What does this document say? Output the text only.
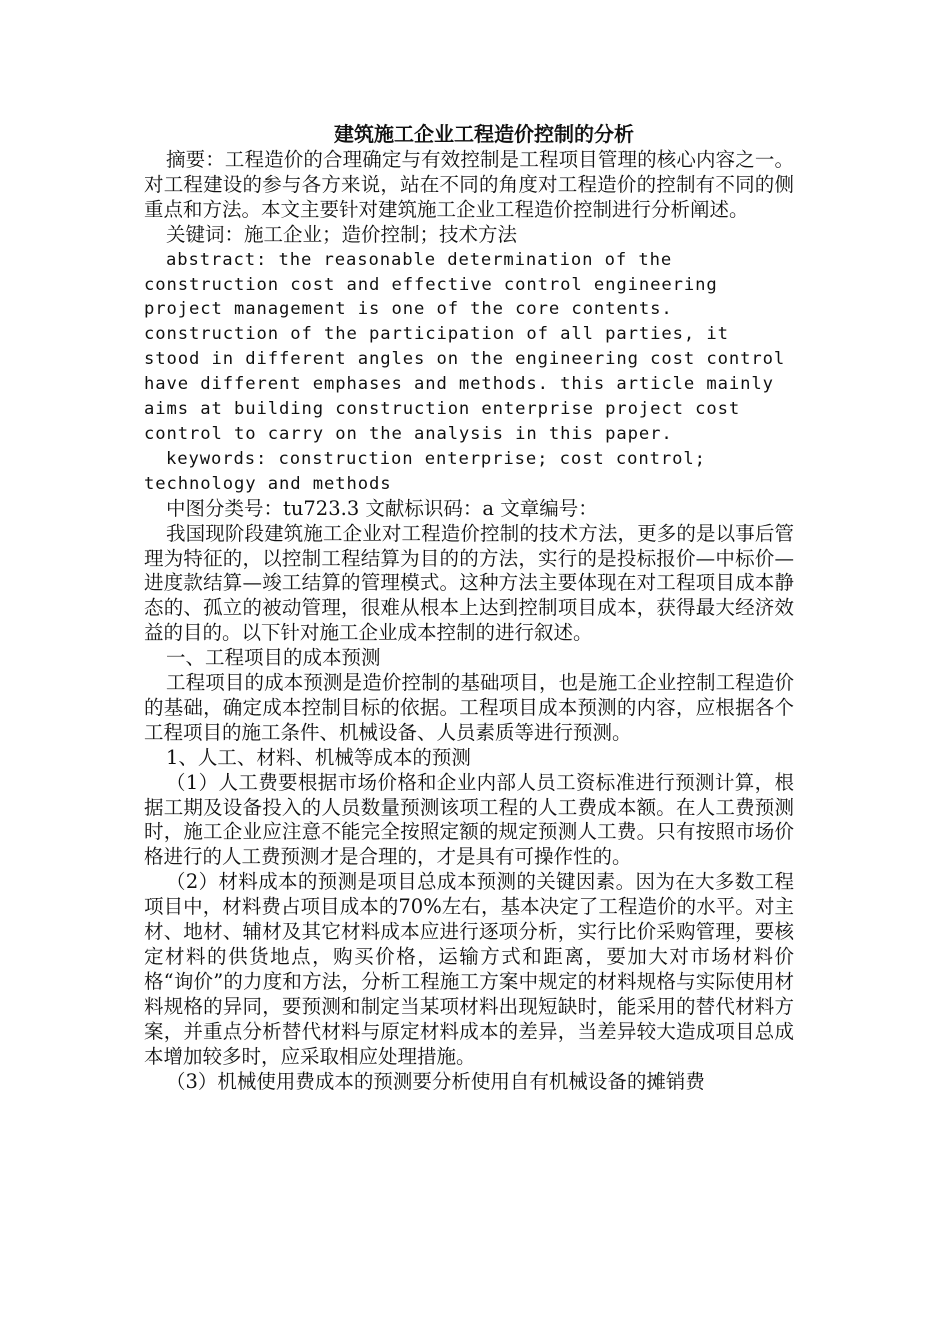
建筑施工企业工程造价控制的分析

摘要：工程造价的合理确定与有效控制是工程项目管理的核心内容之一。对工程建设的参与各方来说，站在不同的角度对工程造价的控制有不同的侧重点和方法。本文主要针对建筑施工企业工程造价控制进行分析阐述。

关键词：施工企业；造价控制；技术方法

abstract: the reasonable determination of the
construction cost and effective control engineering
project management is one of the core contents.
construction of the participation of all parties, it
stood in different angles on the engineering cost control
have different emphases and methods. this article mainly
aims at building construction enterprise project cost
control to carry on the analysis in this paper.
keywords: construction enterprise; cost control;
technology and methods

中图分类号：tu723.3 文献标识码：a 文章编号：

我国现阶段建筑施工企业对工程造价控制的技术方法，更多的是以事后管理为特征的，以控制工程结算为目的的方法，实行的是投标报价—中标价—进度款结算—竣工结算的管理模式。这种方法主要体现在对工程项目成本静态的、孤立的被动管理，很难从根本上达到控制项目成本，获得最大经济效益的目的。以下针对施工企业成本控制的进行叙述。

一、工程项目的成本预测

工程项目的成本预测是造价控制的基础项目，也是施工企业控制工程造价的基础，确定成本控制目标的依据。工程项目成本预测的内容，应根据各个工程项目的施工条件、机械设备、人员素质等进行预测。

1、人工、材料、机械等成本的预测

（1）人工费要根据市场价格和企业内部人员工资标准进行预测计算，根据工期及设备投入的人员数量预测该项工程的人工费成本额。在人工费预测时，施工企业应注意不能完全按照定额的规定预测人工费。只有按照市场价格进行的人工费预测才是合理的，才是具有可操作性的。

（2）材料成本的预测是项目总成本预测的关键因素。因为在大多数工程项目中，材料费占项目成本的70%左右，基本决定了工程造价的水平。对主材、地材、辅材及其它材料成本应进行逐项分析，实行比价采购管理，要核定材料的供货地点，购买价格，运输方式和距离，要加大对市场材料价格“询价”的力度和方法，分析工程施工方案中规定的材料规格与实际使用材料规格的异同，要预测和制定当某项材料出现短缺时，能采用的替代材料方案，并重点分析替代材料与原定材料成本的差异，当差异较大造成项目总成本增加较多时，应采取相应处理措施。

（3）机械使用费成本的预测要分析使用自有机械设备的摊销费
